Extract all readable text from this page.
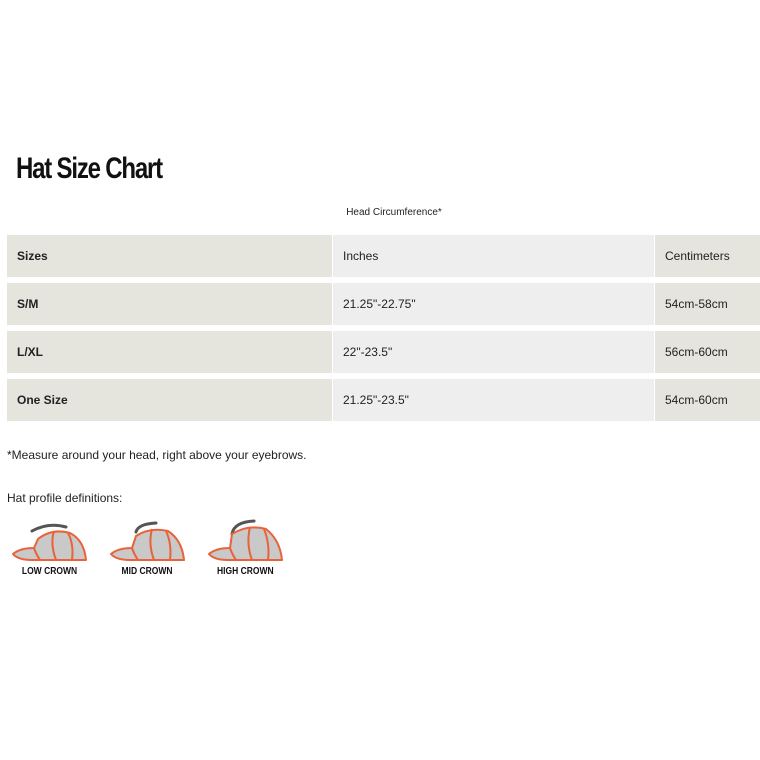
Hat Size Chart
Head Circumference*
Sizes	Inches	Centimeters
S/M	21.25"-22.75"	54cm-58cm
L/XL	22"-23.5"	56cm-60cm
One Size	21.25"-23.5"	54cm-60cm
*Measure around your head, right above your eyebrows.
Hat profile definitions:
LOW CROWN	MID CROWN	HIGH CROWN
